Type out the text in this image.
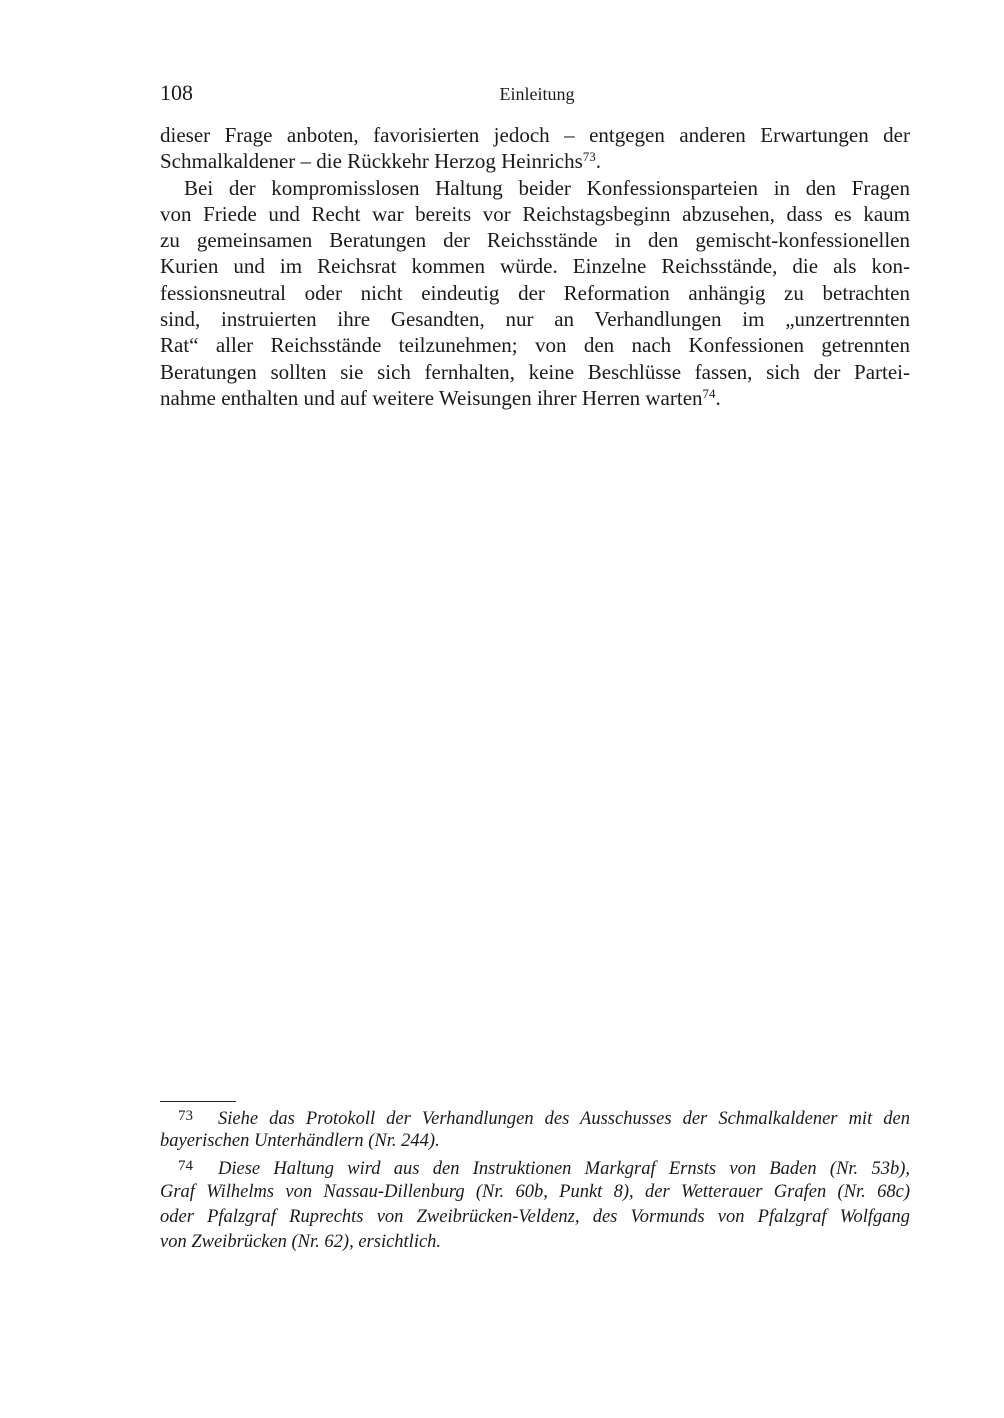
108	Einleitung
dieser Frage anboten, favorisierten jedoch – entgegen anderen Erwartungen der
Schmalkaldener – die Rückkehr Herzog Heinrichs$^{73}$.
Bei der kompromisslosen Haltung beider Konfessionsparteien in den Fragen
von Friede und Recht war bereits vor Reichstagsbeginn abzusehen, dass es kaum
zu gemeinsamen Beratungen der Reichsstände in den gemischt-konfessionellen
Kurien und im Reichsrat kommen würde. Einzelne Reichsstände, die als kon-
fessionsneutral oder nicht eindeutig der Reformation anhängig zu betrachten
sind, instruierten ihre Gesandten, nur an Verhandlungen im „unzertrennten
Rat“ aller Reichsstände teilzunehmen; von den nach Konfessionen getrennten
Beratungen sollten sie sich fernhalten, keine Beschlüsse fassen, sich der Partei-
nahme enthalten und auf weitere Weisungen ihrer Herren warten$^{74}$.
73 Siehe das Protokoll der Verhandlungen des Ausschusses der Schmalkaldener mit den
bayerischen Unterhändlern (Nr. 244).
74 Diese Haltung wird aus den Instruktionen Markgraf Ernsts von Baden (Nr. 53b),
Graf Wilhelms von Nassau-Dillenburg (Nr. 60b, Punkt 8), der Wetterauer Grafen (Nr. 68c)
oder Pfalzgraf Ruprechts von Zweibrücken-Veldenz, des Vormunds von Pfalzgraf Wolfgang
von Zweibrücken (Nr. 62), ersichtlich.
